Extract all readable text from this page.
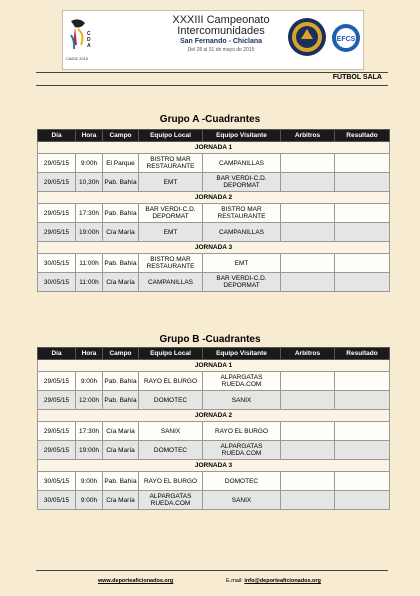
C
D
A
CADIZ 2015
XXXIII Campeonato
Intercomunidades
San Fernando - Chiclana
Del 28 al 31 de mayo de 2015
EFCS
FÚTBOL SALA
Grupo A -Cuadrantes
Día	Hora	Campo	Equipo Local	Equipo Visitante	Arbitros	Resultado
JORNADA 1						
29/05/15	9:00h	El Parque	BISTRO MAR RESTAURANTE	CAMPANILLAS		
29/05/15	10,30h	Pab. Bahía	EMT	BAR VERDI-C.D. DEPORMAT		
JORNADA 2						
29/05/15	17:30h	Pab. Bahía	BAR VERDI-C.D. DEPORMAT	BISTRO MAR RESTAURANTE		
29/05/15	19:00h	Cía María	EMT	CAMPANILLAS		
JORNADA 3						
30/05/15	11:00h	Pab. Bahía	BISTRO MAR RESTAURANTE	EMT		
30/05/15	11:00h	Cía María	CAMPANILLAS	BAR VERDI-C.D. DEPORMAT		
Grupo B -Cuadrantes
Día	Hora	Campo	Equipo Local	Equipo Visitante	Arbitros	Resultado
JORNADA 1						
29/05/15	9:00h	Pab. Bahía	RAYO EL BURGO	ALPARGATAS RUEDA.COM		
29/05/15	12:00h	Pab. Bahía	DOMOTEC	SANIX		
JORNADA 2						
29/05/15	17:30h	Cía María	SANIX	RAYO EL BURGO		
29/05/15	19:00h	Cía María	DOMOTEC	ALPARGATAS RUEDA.COM		
JORNADA 3						
30/05/15	9:00h	Pab. Bahía	RAYO EL BURGO	DOMOTEC		
30/05/15	9:00h	Cía María	ALPARGATAS RUEDA.COM	SANIX		
www.deporteaficionados.org	E.mail: info@deporteaficionados.org
